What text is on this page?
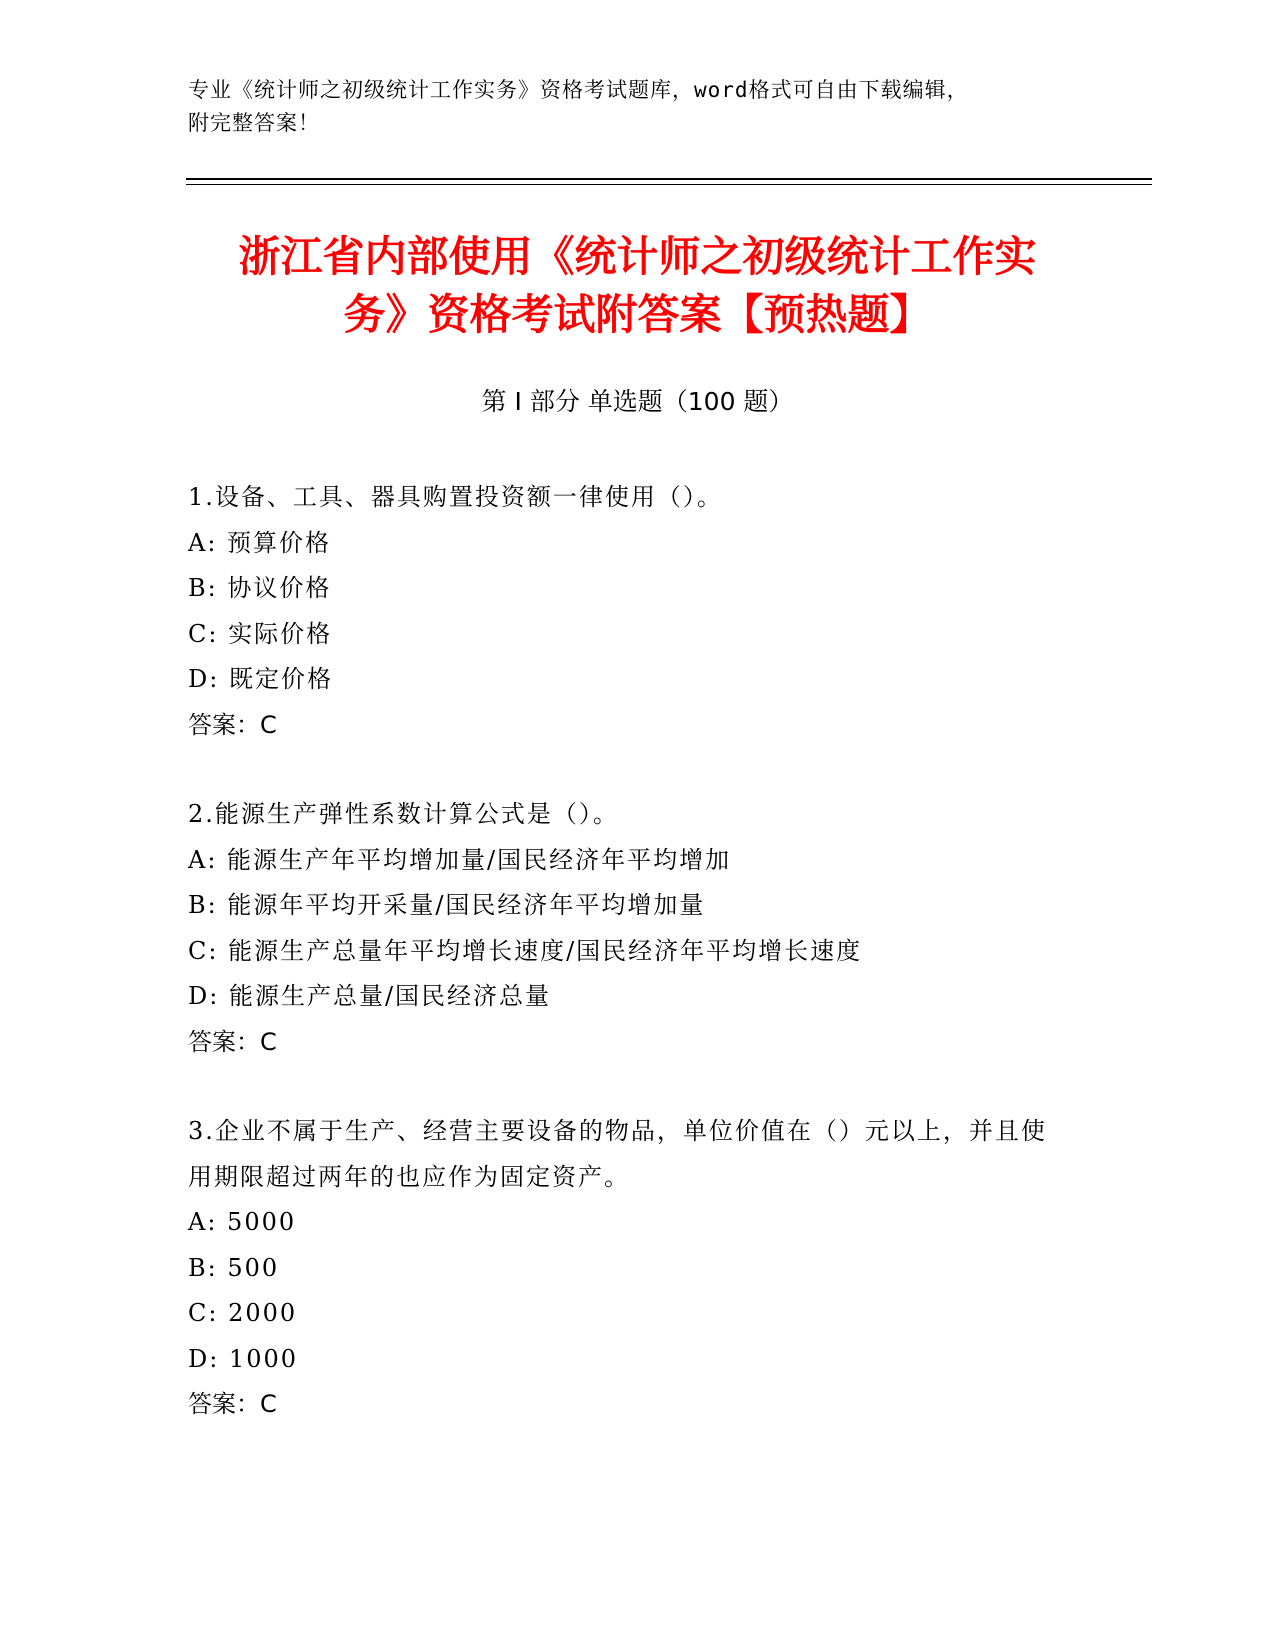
专业《统计师之初级统计工作实务》资格考试题库，word格式可自由下载编辑，
附完整答案！
浙江省内部使用《统计师之初级统计工作实
务》资格考试附答案【预热题】
第 I 部分 单选题（100 题）
1.设备、工具、器具购置投资额一律使用（）。
A: 预算价格
B: 协议价格
C: 实际价格
D: 既定价格
答案：C
2.能源生产弹性系数计算公式是（）。
A: 能源生产年平均增加量/国民经济年平均增加
B: 能源年平均开采量/国民经济年平均增加量
C: 能源生产总量年平均增长速度/国民经济年平均增长速度
D: 能源生产总量/国民经济总量
答案：C
3.企业不属于生产、经营主要设备的物品，单位价值在（）元以上，并且使用期限超过两年的也应作为固定资产。
A: 5000
B: 500
C: 2000
D: 1000
答案：C
